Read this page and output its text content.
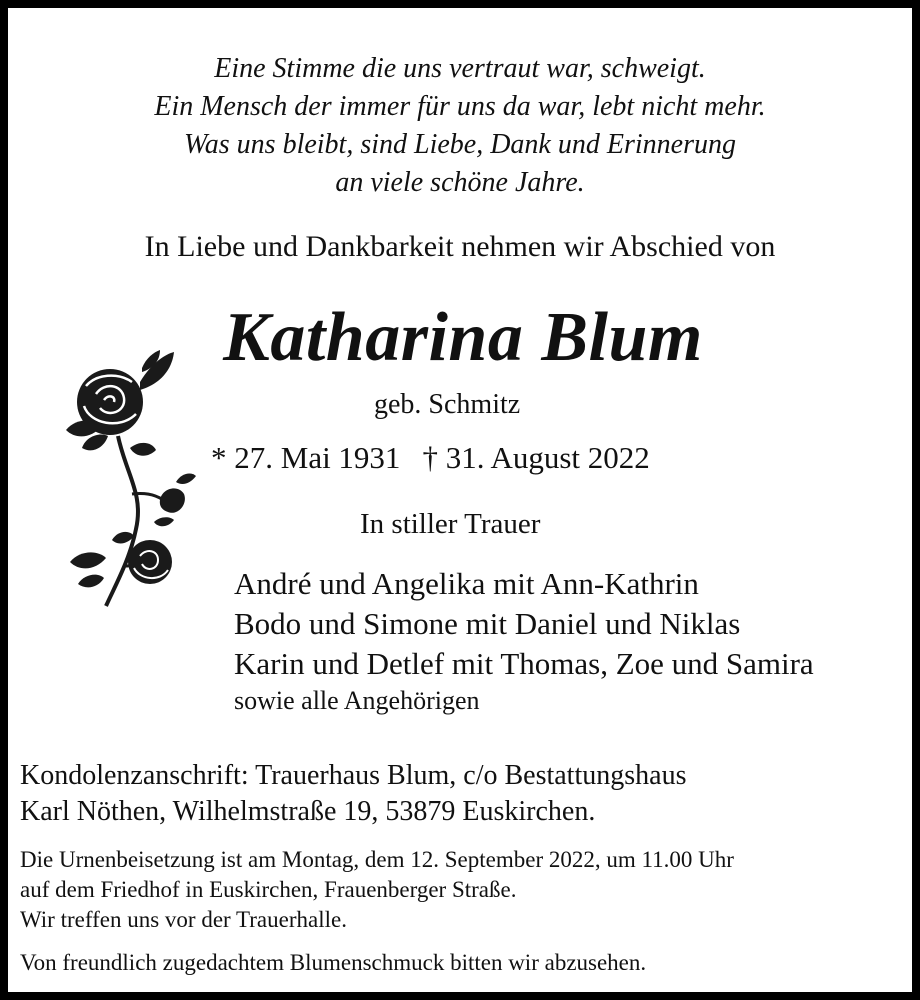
Eine Stimme die uns vertraut war, schweigt.
Ein Mensch der immer für uns da war, lebt nicht mehr.
Was uns bleibt, sind Liebe, Dank und Erinnerung
an viele schöne Jahre.
In Liebe und Dankbarkeit nehmen wir Abschied von
Katharina Blum
geb. Schmitz
* 27. Mai 1931 † 31. August 2022
In stiller Trauer
André und Angelika mit Ann-Kathrin
Bodo und Simone mit Daniel und Niklas
Karin und Detlef mit Thomas, Zoe und Samira
sowie alle Angehörigen
Kondolenzanschrift: Trauerhaus Blum, c/o Bestattungshaus
Karl Nöthen, Wilhelmstraße 19, 53879 Euskirchen.
Die Urnenbeisetzung ist am Montag, dem 12. September 2022, um 11.00 Uhr
auf dem Friedhof in Euskirchen, Frauenberger Straße.
Wir treffen uns vor der Trauerhalle.
Von freundlich zugedachtem Blumenschmuck bitten wir abzusehen.
